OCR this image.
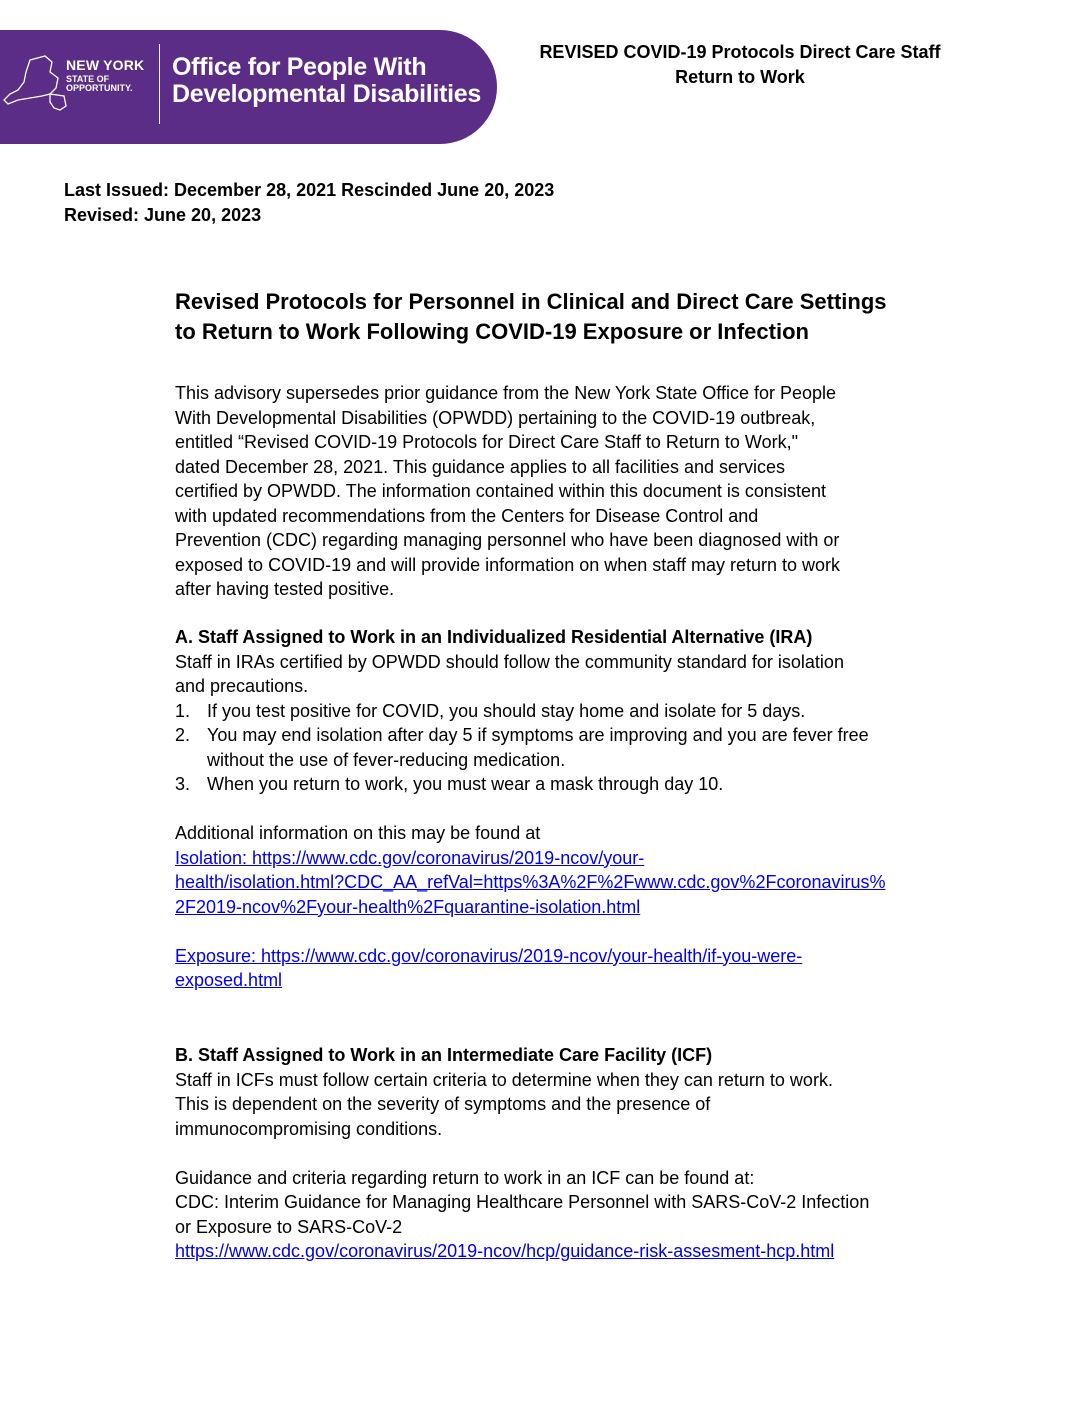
NEW YORK
STATE OF
OPPORTUNITY.
Office for People With
Developmental Disabilities
REVISED COVID-19 Protocols Direct Care Staff
Return to Work
Last Issued: December 28, 2021 Rescinded June 20, 2023
Revised: June 20, 2023
Revised Protocols for Personnel in Clinical and Direct Care Settings
to Return to Work Following COVID-19 Exposure or Infection

This advisory supersedes prior guidance from the New York State Office for People

With Developmental Disabilities (OPWDD) pertaining to the COVID-19 outbreak,

entitled “Revised COVID-19 Protocols for Direct Care Staff to Return to Work,"

dated December 28, 2021. This guidance applies to all facilities and services

certified by OPWDD. The information contained within this document is consistent

with updated recommendations from the Centers for Disease Control and

Prevention (CDC) regarding managing personnel who have been diagnosed with or

exposed to COVID-19 and will provide information on when staff may return to work

after having tested positive.

A. Staff Assigned to Work in an Individualized Residential Alternative (IRA)

Staff in IRAs certified by OPWDD should follow the community standard for isolation

and precautions.

1. If you test positive for COVID, you should stay home and isolate for 5 days.
2. You may end isolation after day 5 if symptoms are improving and you are fever free
without the use of fever-reducing medication.
3. When you return to work, you must wear a mask through day 10.

Additional information on this may be found at

Isolation: https://www.cdc.gov/coronavirus/2019-ncov/your-
health/isolation.html?CDC_AA_refVal=https%3A%2F%2Fwww.cdc.gov%2Fcoronavirus%
2F2019-ncov%2Fyour-health%2Fquarantine-isolation.html
Exposure: https://www.cdc.gov/coronavirus/2019-ncov/your-health/if-you-were-
exposed.html

B. Staff Assigned to Work in an Intermediate Care Facility (ICF)

Staff in ICFs must follow certain criteria to determine when they can return to work.

This is dependent on the severity of symptoms and the presence of

immunocompromising conditions.

Guidance and criteria regarding return to work in an ICF can be found at:

CDC: Interim Guidance for Managing Healthcare Personnel with SARS-CoV-2 Infection

or Exposure to SARS-CoV-2

https://www.cdc.gov/coronavirus/2019-ncov/hcp/guidance-risk-assesment-hcp.html
